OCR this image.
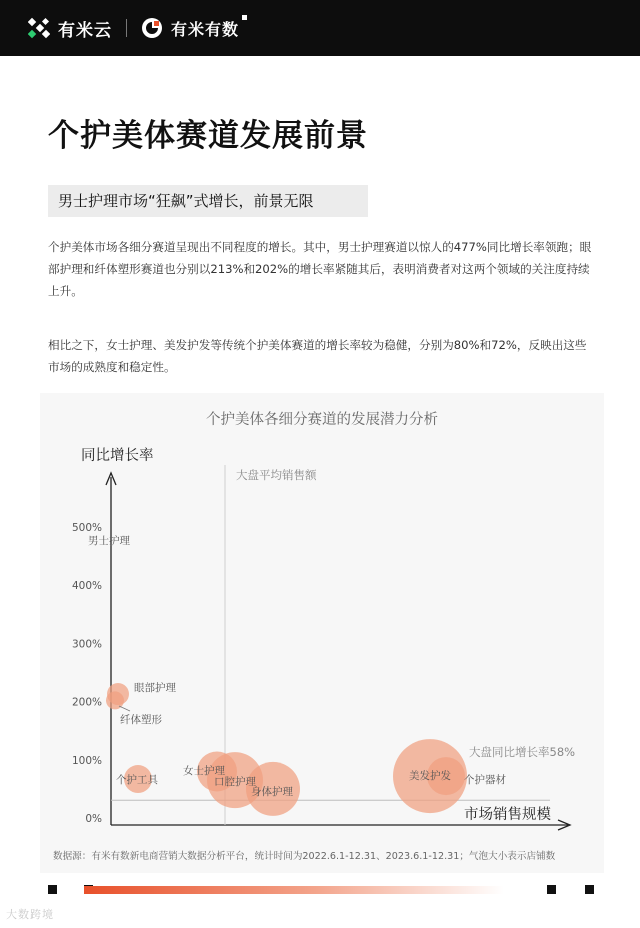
有米云	有米有数
个护美体赛道发展前景
男士护理市场“狂飙”式增长，前景无限

个护美体市场各细分赛道呈现出不同程度的增长。其中，男士护理赛道以惊人的477%同比增长率领跑；眼部护理和纤体塑形赛道也分别以213%和202%的增长率紧随其后，表明消费者对这两个领域的关注度持续上升。

相比之下，女士护理、美发护发等传统个护美体赛道的增长率较为稳健，分别为80%和72%，反映出这些市场的成熟度和稳定性。

个护美体各细分赛道的发展潜力分析
同比增长率
市场销售规模
大盘平均销售额
大盘同比增长率58%
0%
100%
200%
300%
400%
500%
男士护理
眼部护理
纤体塑形
个护工具
女士护理
口腔护理
身体护理
美发护发 个护器材
数据源：有米有数新电商营销大数据分析平台，统计时间为2022.6.1-12.31、2023.6.1-12.31；气泡大小表示店铺数
大数跨境
